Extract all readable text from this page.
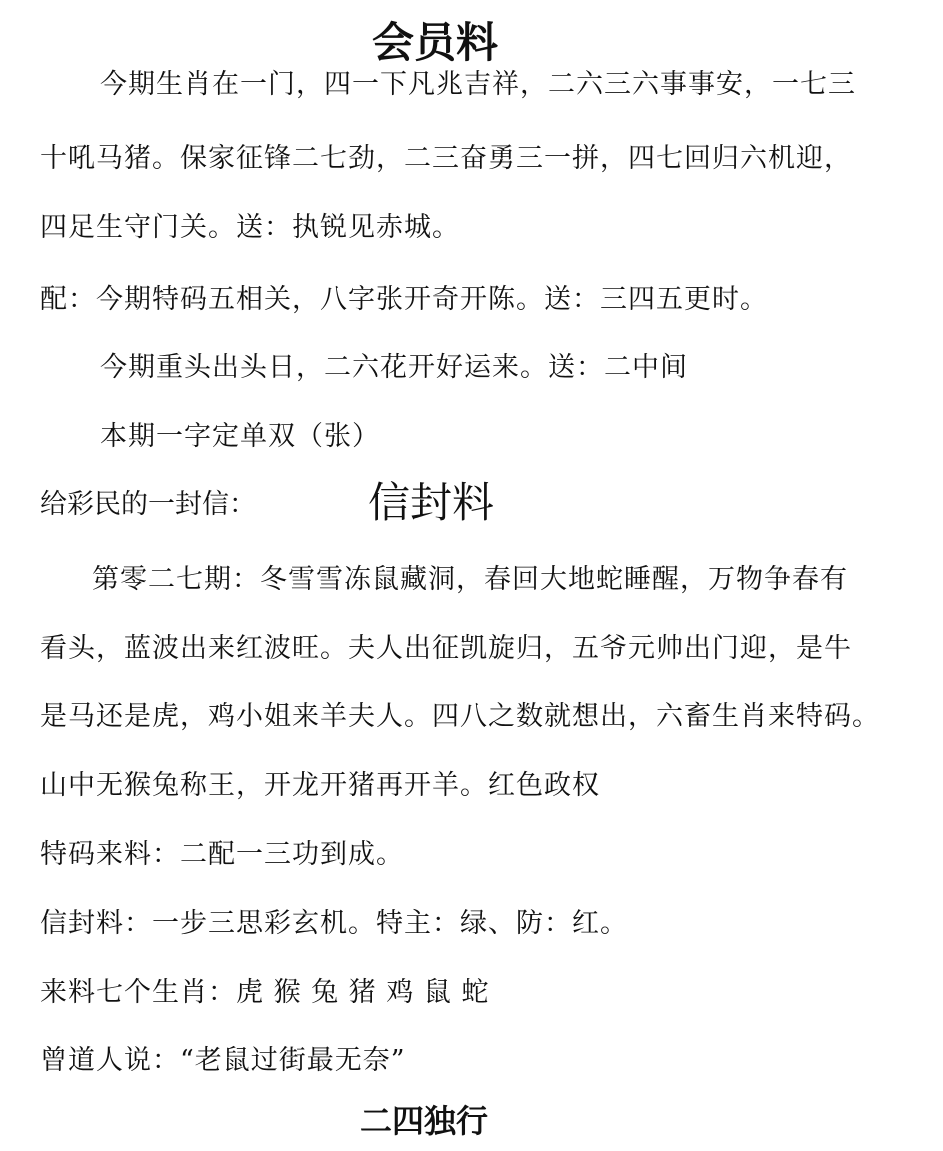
会员料
今期生肖在一门，四一下凡兆吉祥，二六三六事事安，一七三
十吼马猪。保家征锋二七劲，二三奋勇三一拼，四七回归六机迎，
四足生守门关。送：执锐见赤城。
配：今期特码五相关，八字张开奇开陈。送：三四五更时。
今期重头出头日，二六花开好运来。送：二中间
本期一字定单双（张）
给彩民的一封信：	信封料
第零二七期：冬雪雪冻鼠藏洞，春回大地蛇睡醒，万物争春有
看头，蓝波出来红波旺。夫人出征凯旋归，五爷元帅出门迎，是牛
是马还是虎，鸡小姐来羊夫人。四八之数就想出，六畜生肖来特码。
山中无猴兔称王，开龙开猪再开羊。红色政权
特码来料：二配一三功到成。
信封料：一步三思彩玄机。特主：绿、防：红。
来料七个生肖：虎 猴 兔 猪 鸡 鼠 蛇
曾道人说：“老鼠过街最无奈”
二四独行
